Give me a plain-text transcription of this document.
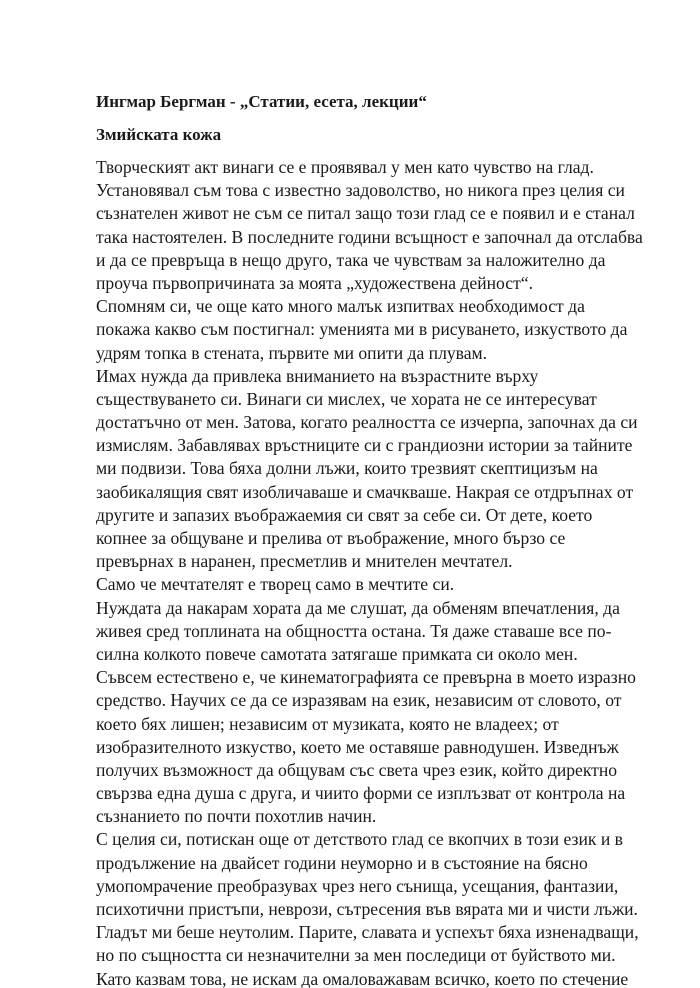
Ингмар Бергман - „Статии, есета, лекции“
Змийската кожа
Творческият акт винаги се е проявявал у мен като чувство на глад.
Установявал съм това с известно задоволство, но никога през целия си
съзнателен живот не съм се питал защо този глад се е появил и е станал
така настоятелен. В последните години всъщност е започнал да отслабва
и да се превръща в нещо друго, така че чувствам за наложително да
проуча първопричината за моята „художествена дейност“.
Спомням си, че още като много малък изпитвах необходимост да
покажа какво съм постигнал: уменията ми в рисуването, изкуството да
удрям топка в стената, първите ми опити да плувам.
Имах нужда да привлека вниманието на възрастните върху
съществуването си. Винаги си мислех, че хората не се интересуват
достатъчно от мен. Затова, когато реалността се изчерпа, започнах да си
измислям. Забавлявах връстниците си с грандиозни истории за тайните
ми подвизи. Това бяха долни лъжи, които трезвият скептицизъм на
заобикалящия свят изобличаваше и смачкваше. Накрая се отдръпнах от
другите и запазих въображаемия си свят за себе си. От дете, което
копнее за общуване и прелива от въображение, много бързо се
превърнах в наранен, пресметлив и мнителен мечтател.
Само че мечтателят е творец само в мечтите си.
Нуждата да накарам хората да ме слушат, да обменям впечатления, да
живея сред топлината на общността остана. Тя даже ставаше все по-
силна колкото повече самотата затягаше примката си около мен.
Съвсем естествено е, че кинематографията се превърна в моето изразно
средство. Научих се да се изразявам на език, независим от словото, от
което бях лишен; независим от музиката, която не владеех; от
изобразителното изкуство, което ме оставяше равнодушен. Изведнъж
получих възможност да общувам със света чрез език, който директно
свързва една душа с друга, и чиито форми се изплъзват от контрола на
съзнанието по почти похотлив начин.
С целия си, потискан още от детството глад се вкопчих в този език и в
продължение на двайсет години неуморно и в състояние на бясно
умопомрачение преобразувах чрез него сънища, усещания, фантазии,
психотични пристъпи, неврози, сътресения във вярата ми и чисти лъжи.
Гладът ми беше неутолим. Парите, славата и успехът бяха изненадващи,
но по същността си незначителни за мен последици от буйството ми.
Като казвам това, не искам да омаловажавам всичко, което по стечение
